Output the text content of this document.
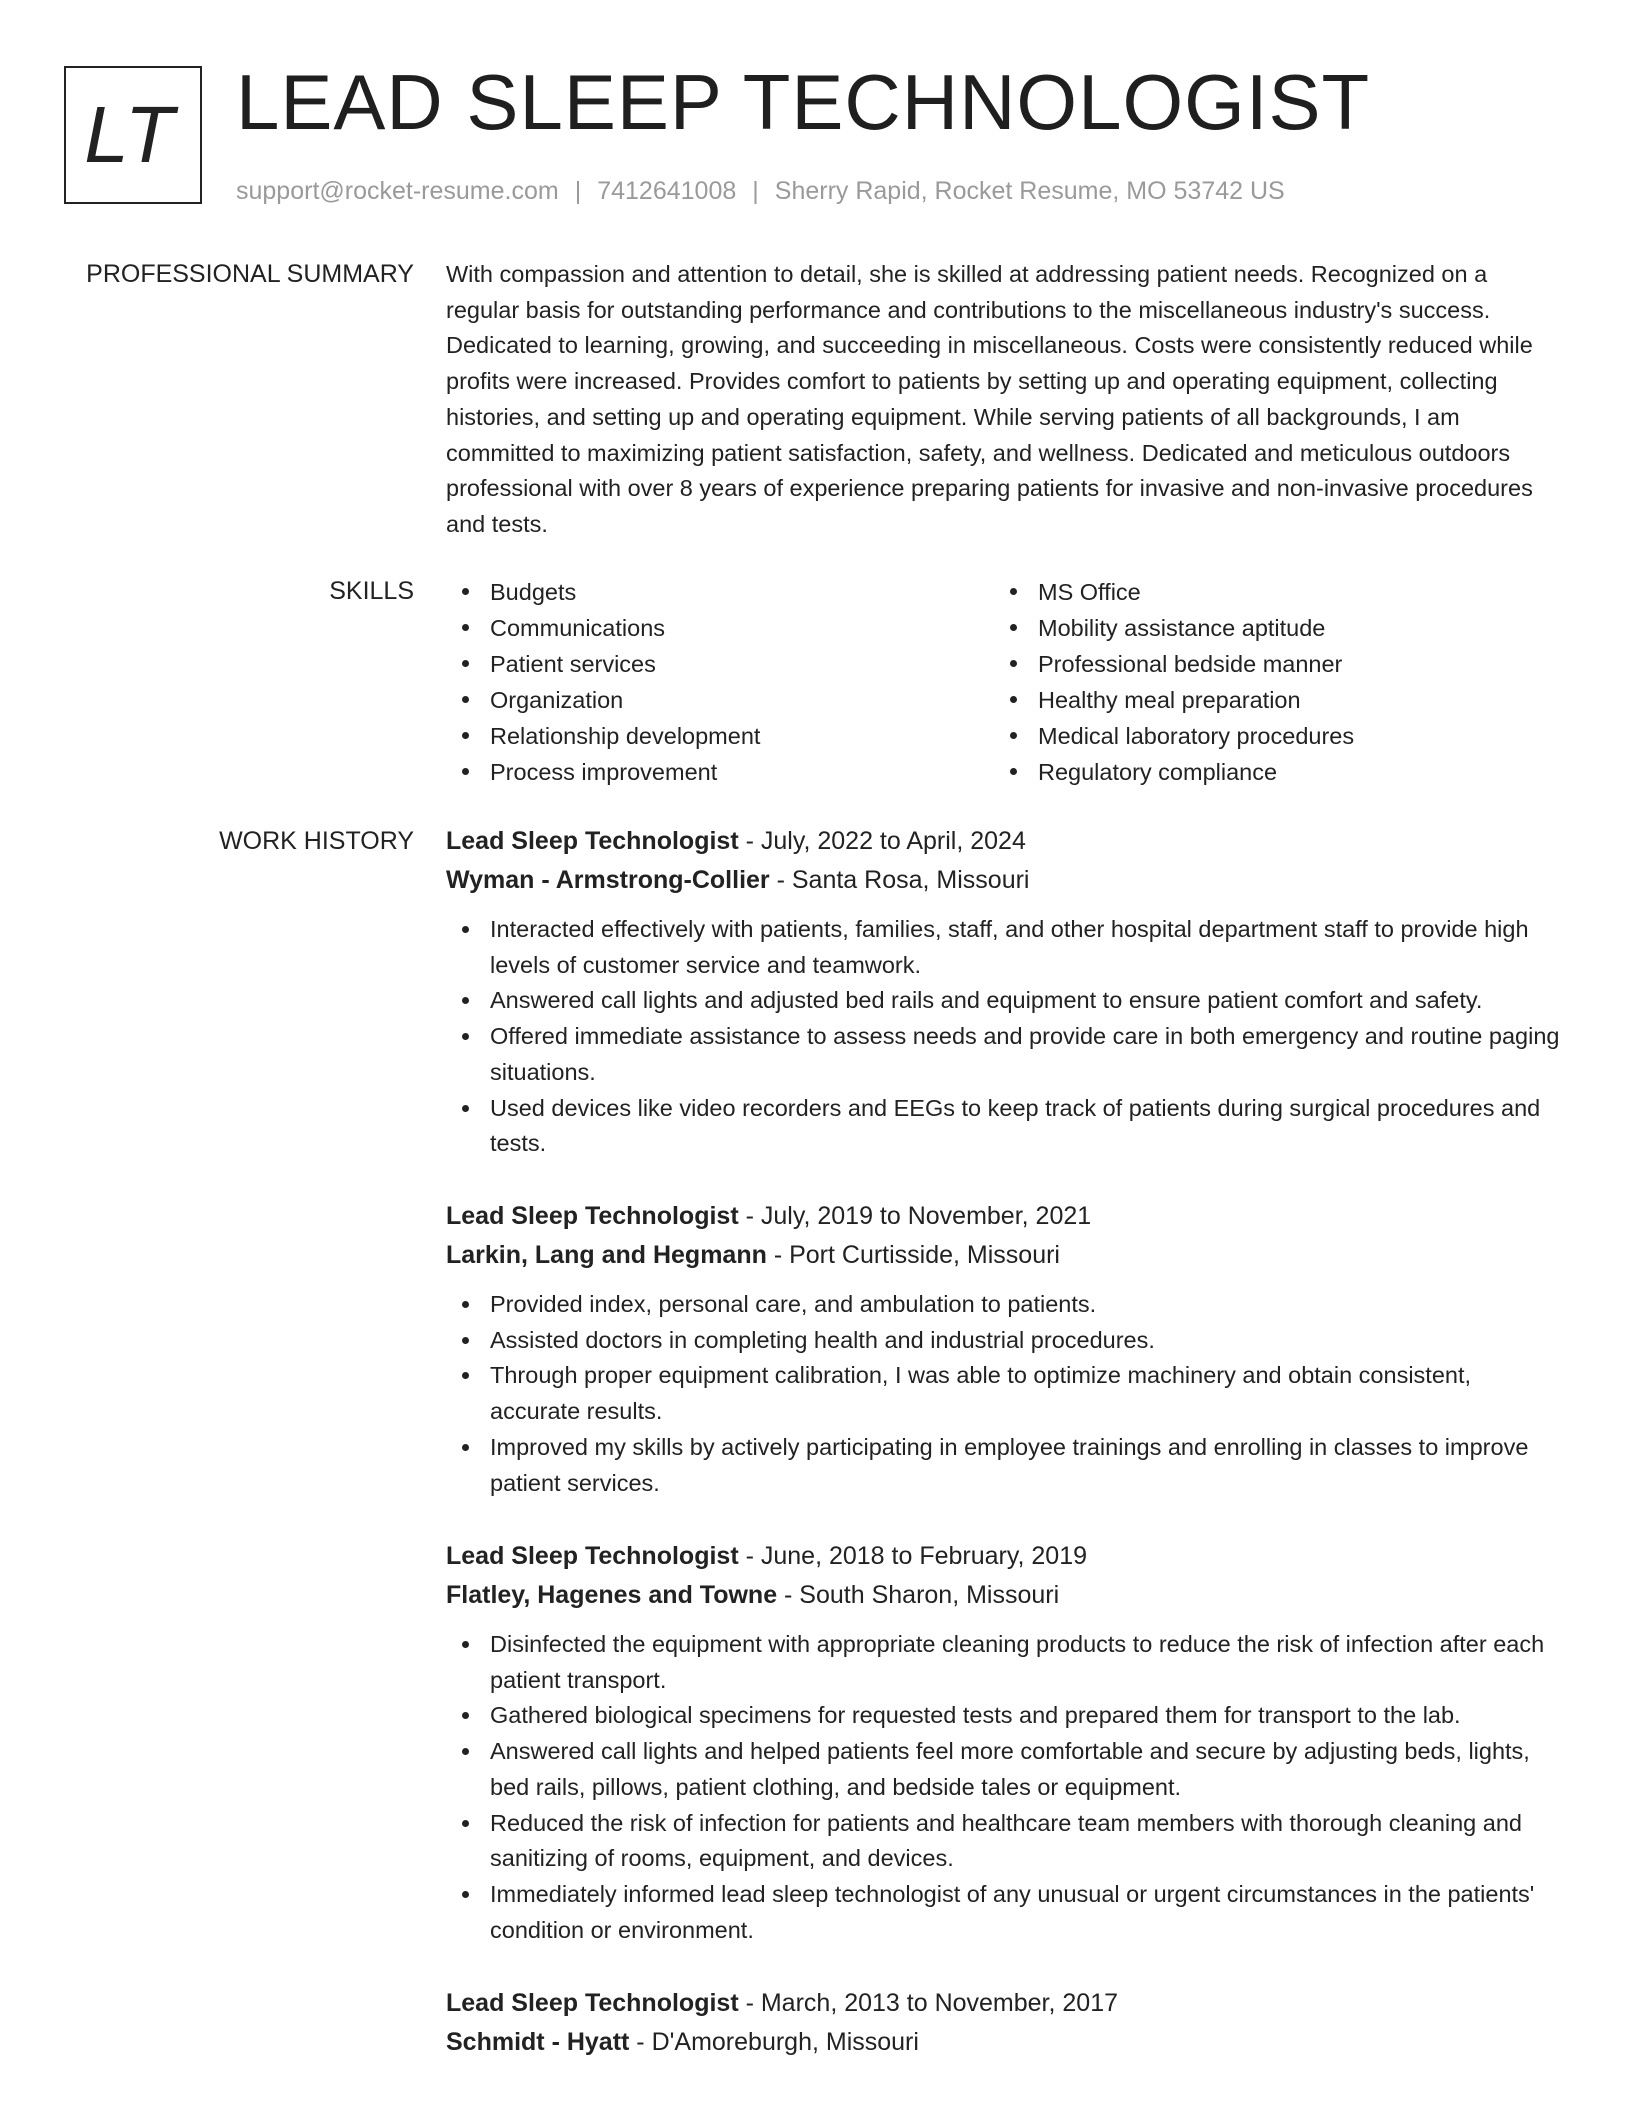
LT LEAD SLEEP TECHNOLOGIST
support@rocket-resume.com | 7412641008 | Sherry Rapid, Rocket Resume, MO 53742 US
PROFESSIONAL SUMMARY With compassion and attention to detail, she is skilled at addressing patient needs. Recognized on a regular basis for outstanding performance and contributions to the miscellaneous industry's success. Dedicated to learning, growing, and succeeding in miscellaneous. Costs were consistently reduced while profits were increased. Provides comfort to patients by setting up and operating equipment, collecting histories, and setting up and operating equipment. While serving patients of all backgrounds, I am committed to maximizing patient satisfaction, safety, and wellness. Dedicated and meticulous outdoors professional with over 8 years of experience preparing patients for invasive and non-invasive procedures and tests.

SKILLS	Budgets
Communications
Patient services
Organization
Relationship development
Process improvement
MS Office
Mobility assistance aptitude
Professional bedside manner
Healthy meal preparation
Medical laboratory procedures
Regulatory compliance
WORK HISTORY Lead Sleep Technologist - July, 2022 to April, 2024
Wyman - Armstrong-Collier - Santa Rosa, Missouri
Interacted effectively with patients, families, staff, and other hospital department staff to provide high levels of customer service and teamwork.
Answered call lights and adjusted bed rails and equipment to ensure patient comfort and safety.
Offered immediate assistance to assess needs and provide care in both emergency and routine paging situations.
Used devices like video recorders and EEGs to keep track of patients during surgical procedures and tests.
Lead Sleep Technologist - July, 2019 to November, 2021
Larkin, Lang and Hegmann - Port Curtisside, Missouri
Provided index, personal care, and ambulation to patients.
Assisted doctors in completing health and industrial procedures.
Through proper equipment calibration, I was able to optimize machinery and obtain consistent, accurate results.
Improved my skills by actively participating in employee trainings and enrolling in classes to improve patient services.
Lead Sleep Technologist - June, 2018 to February, 2019
Flatley, Hagenes and Towne - South Sharon, Missouri
Disinfected the equipment with appropriate cleaning products to reduce the risk of infection after each patient transport.
Gathered biological specimens for requested tests and prepared them for transport to the lab.
Answered call lights and helped patients feel more comfortable and secure by adjusting beds, lights, bed rails, pillows, patient clothing, and bedside tales or equipment.
Reduced the risk of infection for patients and healthcare team members with thorough cleaning and sanitizing of rooms, equipment, and devices.
Immediately informed lead sleep technologist of any unusual or urgent circumstances in the patients' condition or environment.
Lead Sleep Technologist - March, 2013 to November, 2017
Schmidt - Hyatt - D'Amoreburgh, Missouri
